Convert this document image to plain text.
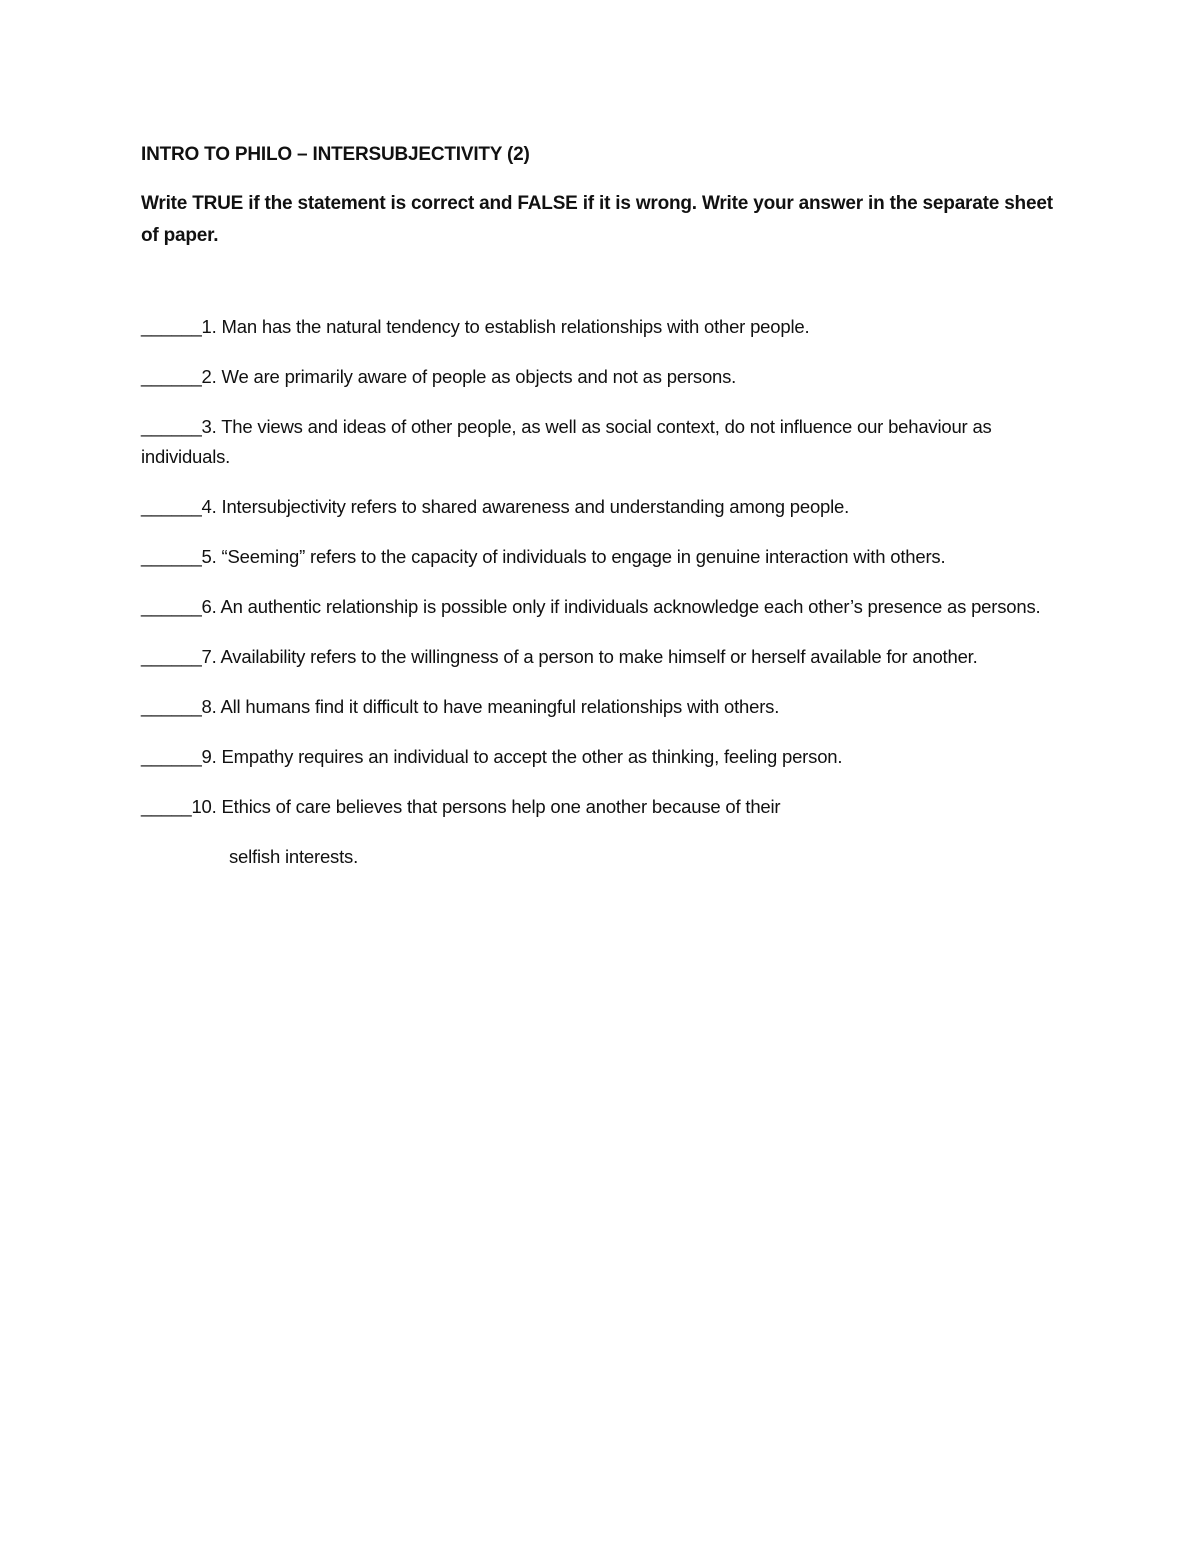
INTRO TO PHILO – INTERSUBJECTIVITY (2)
Write TRUE if the statement is correct and FALSE if it is wrong. Write your answer in the separate sheet of paper.
______1. Man has the natural tendency to establish relationships with other people.
______2. We are primarily aware of people as objects and not as persons.
______3. The views and ideas of other people, as well as social context, do not influence our behaviour as individuals.
______4. Intersubjectivity refers to shared awareness and understanding among people.
______5. “Seeming” refers to the capacity of individuals to engage in genuine interaction with others.
______6. An authentic relationship is possible only if individuals acknowledge each other’s presence as persons.
______7. Availability refers to the willingness of a person to make himself or herself available for another.
______8. All humans find it difficult to have meaningful relationships with others.
______9. Empathy requires an individual to accept the other as thinking, feeling person.
_____10. Ethics of care believes that persons help one another because of their

selfish interests.
